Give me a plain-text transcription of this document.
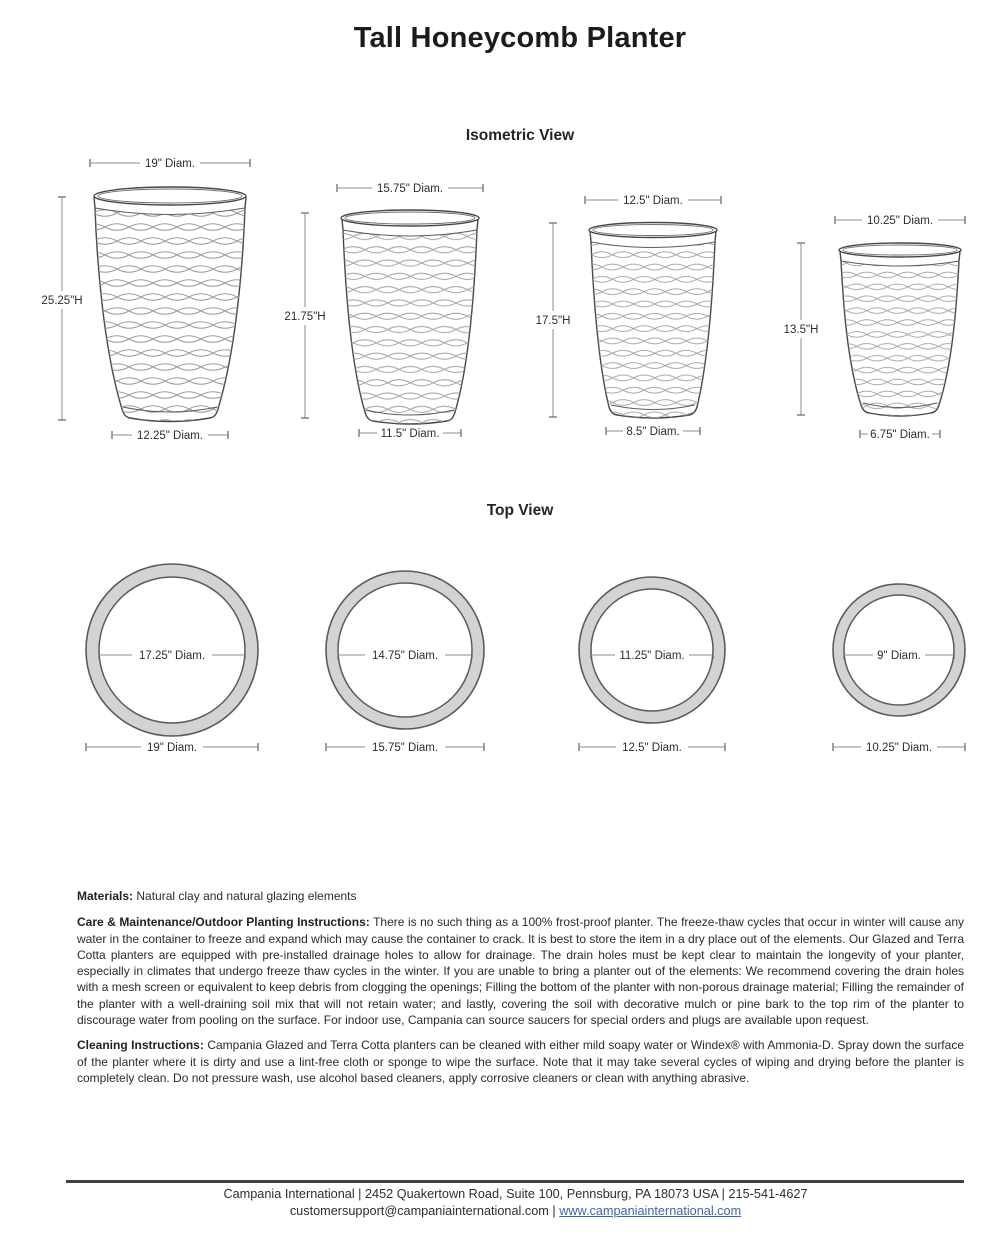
Tall Honeycomb Planter
Isometric View
19" Diam.
25.25"H
12.25" Diam.
15.75" Diam.
21.75"H
11.5" Diam.
12.5" Diam.
17.5"H
8.5" Diam.
10.25" Diam.
13.5"H
6.75" Diam.
Top View
17.25" Diam.
19" Diam.
14.75" Diam.
15.75" Diam.
11.25" Diam.
12.5" Diam.
9" Diam.
10.25" Diam.

Materials: Natural clay and natural glazing elements

Care & Maintenance/Outdoor Planting Instructions: There is no such thing as a 100% frost-proof planter. The freeze-thaw cycles that occur in winter will cause any water in the container to freeze and expand which may cause the container to crack. It is best to store the item in a dry place out of the elements. Our Glazed and Terra Cotta planters are equipped with pre-installed drainage holes to allow for drainage. The drain holes must be kept clear to maintain the longevity of your planter, especially in climates that undergo freeze thaw cycles in the winter. If you are unable to bring a planter out of the elements: We recommend covering the drain holes with a mesh screen or equivalent to keep debris from clogging the openings; Filling the bottom of the planter with non-porous drainage material; Filling the remainder of the planter with a well-draining soil mix that will not retain water; and lastly, covering the soil with decorative mulch or pine bark to the top rim of the planter to discourage water from pooling on the surface. For indoor use, Campania can source saucers for special orders and plugs are available upon request.

Cleaning Instructions: Campania Glazed and Terra Cotta planters can be cleaned with either mild soapy water or Windex® with Ammonia-D. Spray down the surface of the planter where it is dirty and use a lint-free cloth or sponge to wipe the surface. Note that it may take several cycles of wiping and drying before the planter is completely clean. Do not pressure wash, use alcohol based cleaners, apply corrosive cleaners or clean with anything abrasive.

Campania International | 2452 Quakertown Road, Suite 100, Pennsburg, PA 18073 USA | 215-541-4627
customersupport@campaniainternational.com | www.campaniainternational.com
